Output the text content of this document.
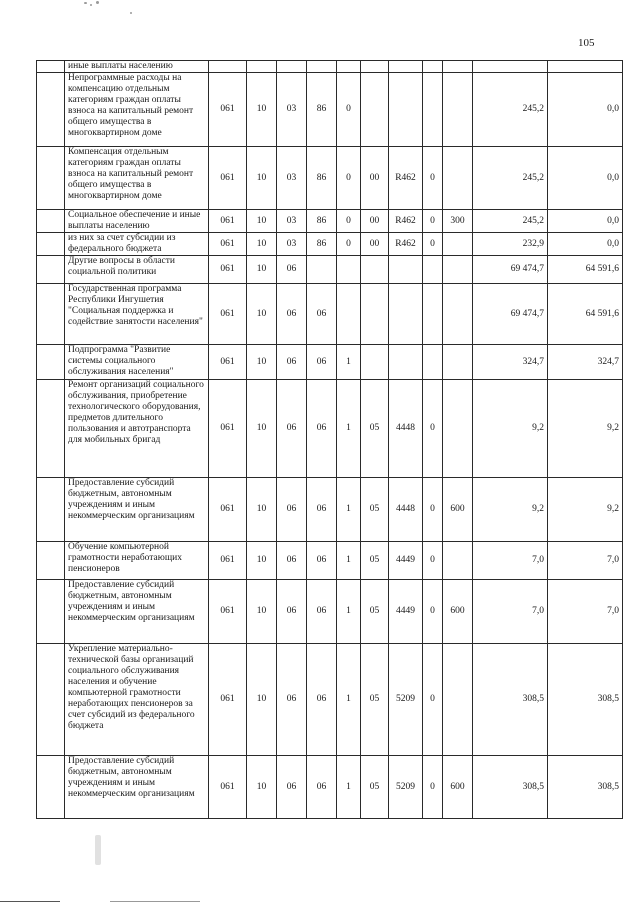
105
	иные выплаты населению											
	Непрограммные расходы на компенсацию отдельным категориям граждан оплаты взноса на капитальный ремонт общего имущества в многоквартирном доме	061	10	03	86	0					245,2	0,0
	Компенсация отдельным категориям граждан оплаты взноса на капитальный ремонт общего имущества в многоквартирном доме	061	10	03	86	0	00	R462	0		245,2	0,0
	Социальное обеспечение и иные выплаты населению	061	10	03	86	0	00	R462	0	300	245,2	0,0
	из них за счет субсидии из федерального бюджета	061	10	03	86	0	00	R462	0		232,9	0,0
	Другие вопросы в области социальной политики	061	10	06							69 474,7	64 591,6
	Государственная программа Республики Ингушетия "Социальная поддержка и содействие занятости населения"	061	10	06	06						69 474,7	64 591,6
	Подпрограмма "Развитие системы социального обслуживания населения"	061	10	06	06	1					324,7	324,7
	Ремонт организаций социального обслуживания, приобретение технологического оборудования, предметов длительного пользования и автотранспорта для мобильных бригад	061	10	06	06	1	05	4448	0		9,2	9,2
	Предоставление субсидий бюджетным, автономным учреждениям и иным некоммерческим организациям	061	10	06	06	1	05	4448	0	600	9,2	9,2
	Обучение компьютерной грамотности неработающих пенсионеров	061	10	06	06	1	05	4449	0		7,0	7,0
	Предоставление субсидий бюджетным, автономным учреждениям и иным некоммерческим организациям	061	10	06	06	1	05	4449	0	600	7,0	7,0
	Укрепление материально-технической базы организаций социального обслуживания населения и обучение компьютерной грамотности неработающих пенсионеров за счет субсидий из федерального бюджета	061	10	06	06	1	05	5209	0		308,5	308,5
	Предоставление субсидий бюджетным, автономным учреждениям и иным некоммерческим организациям	061	10	06	06	1	05	5209	0	600	308,5	308,5
